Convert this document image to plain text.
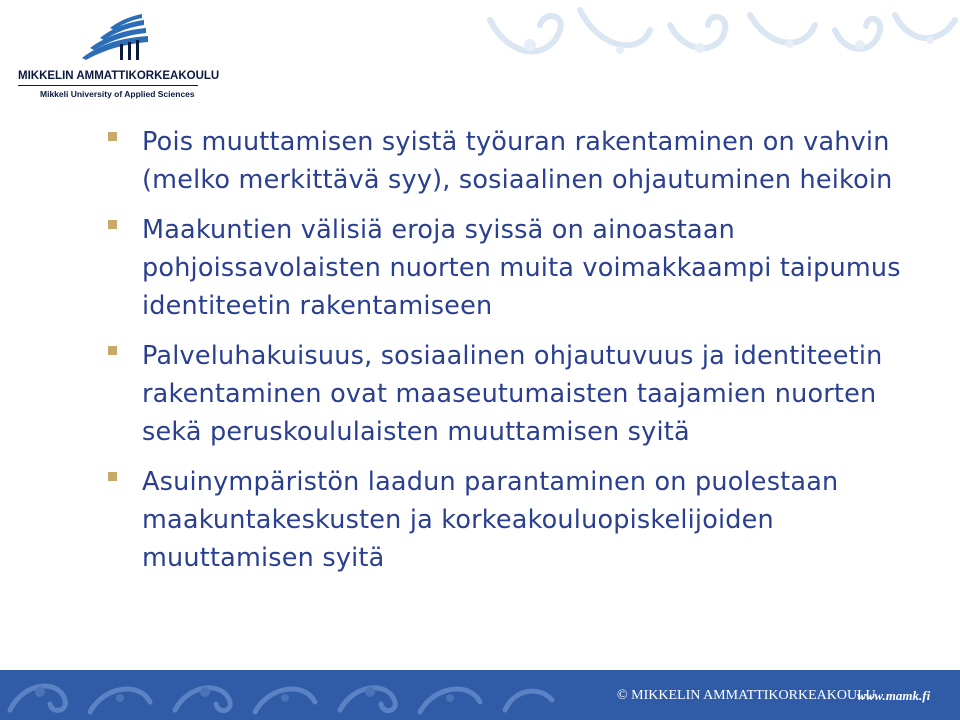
MIKKELIN AMMATTIKORKEAKOULU
Mikkeli University of Applied Sciences
Pois muuttamisen syistä työuran rakentaminen on vahvin (melko merkittävä syy), sosiaalinen ohjautuminen heikoin
Maakuntien välisiä eroja syissä on ainoastaan pohjoissavolaisten nuorten muita voimakkaampi taipumus identiteetin rakentamiseen
Palveluhakuisuus, sosiaalinen ohjautuvuus ja identiteetin rakentaminen ovat maaseutumaisten taajamien nuorten sekä peruskoululaisten muuttamisen syitä
Asuinympäristön laadun parantaminen on puolestaan maakuntakeskusten ja korkeakouluopiskelijoiden muuttamisen syitä
© MIKKELIN AMMATTIKORKEAKOULU
www.mamk.fi
